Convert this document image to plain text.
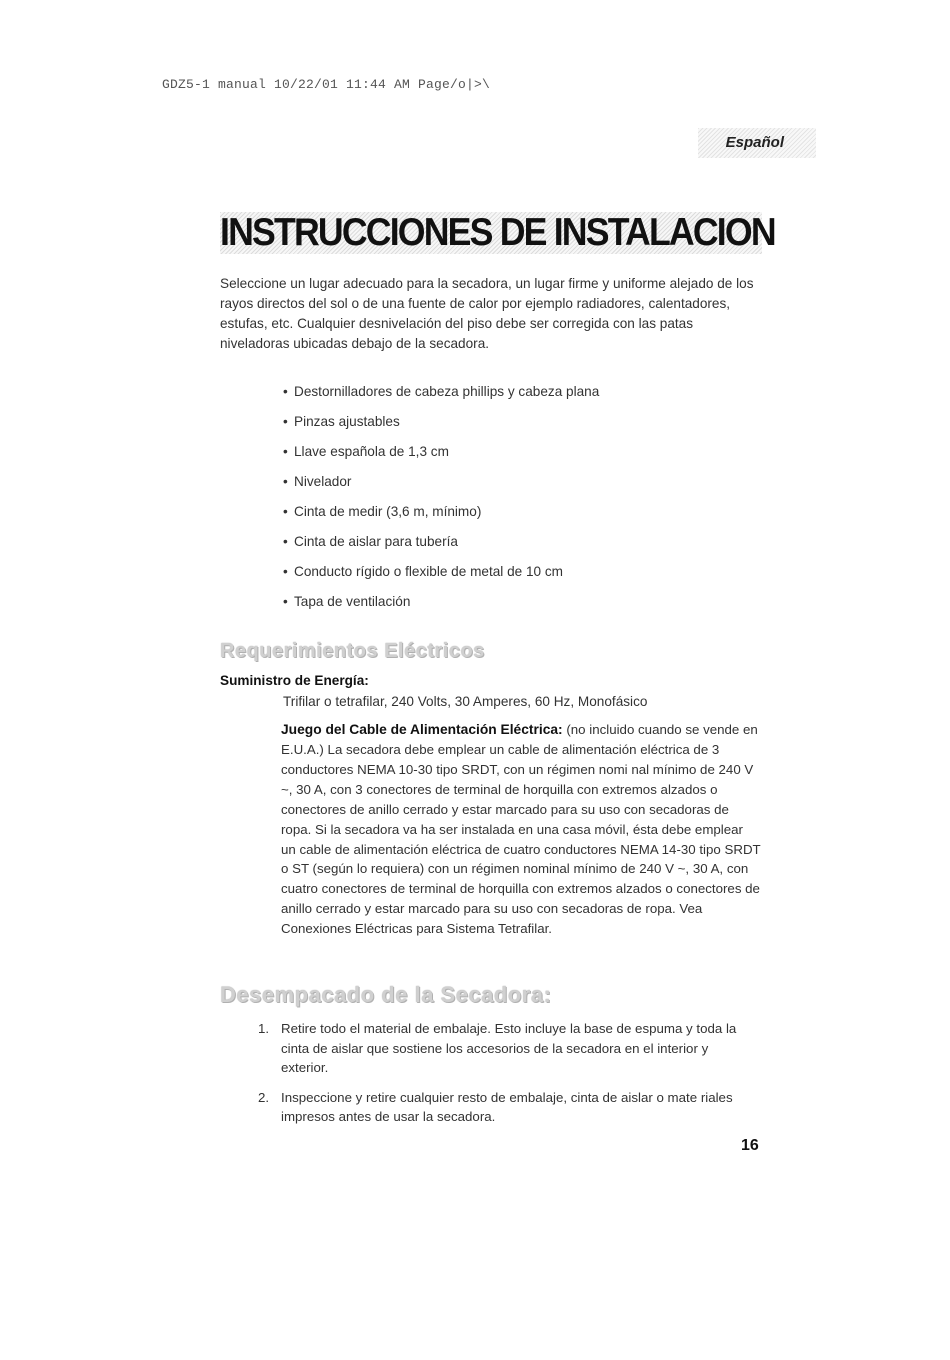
GDZ5-1 manual 10/22/01 11:44 AM Page/o|>\
Español
INSTRUCCIONES DE INSTALACION

Seleccione un lugar adecuado para la secadora, un lugar firme y uniforme alejado de los rayos directos del sol o de una fuente de calor por ejemplo radiadores, calentadores, estufas, etc. Cualquier desnivelación del piso debe ser corregida con las patas niveladoras ubicadas debajo de la secadora.

• Destornilladores de cabeza phillips y cabeza plana
• Pinzas ajustables
• Llave española de 1,3 cm
• Nivelador
• Cinta de medir (3,6 m, mínimo)
• Cinta de aislar para tubería
• Conducto rígido o flexible de metal de 10 cm
• Tapa de ventilación
Requerimientos Eléctricos

Suministro de Energía:

Trifilar o tetrafilar, 240 Volts, 30 Amperes, 60 Hz, Monofásico

Juego del Cable de Alimentación Eléctrica: (no incluido cuando se vende en E.U.A.) La secadora debe emplear un cable de alimentación eléctrica de 3 conductores NEMA 10-30 tipo SRDT, con un régimen nomi nal mínimo de 240 V ~, 30 A, con 3 conectores de terminal de horquilla con extremos alzados o conectores de anillo cerrado y estar marcado para su uso con secadoras de ropa. Si la secadora va ha ser instalada en una casa móvil, ésta debe emplear un cable de alimentación eléctrica de cuatro conductores NEMA 14-30 tipo SRDT o ST (según lo requiera) con un régimen nominal mínimo de 240 V ~, 30 A, con cuatro conectores de terminal de horquilla con extremos alzados o conectores de anillo cerrado y estar marcado para su uso con secadoras de ropa. Vea Conexiones Eléctricas para Sistema Tetrafilar.

Desempacado de la Secadora:
1. Retire todo el material de embalaje. Esto incluye la base de espuma y toda la cinta de aislar que sostiene los accesorios de la secadora en el interior y exterior.
2. Inspeccione y retire cualquier resto de embalaje, cinta de aislar o mate riales impresos antes de usar la secadora.

16
